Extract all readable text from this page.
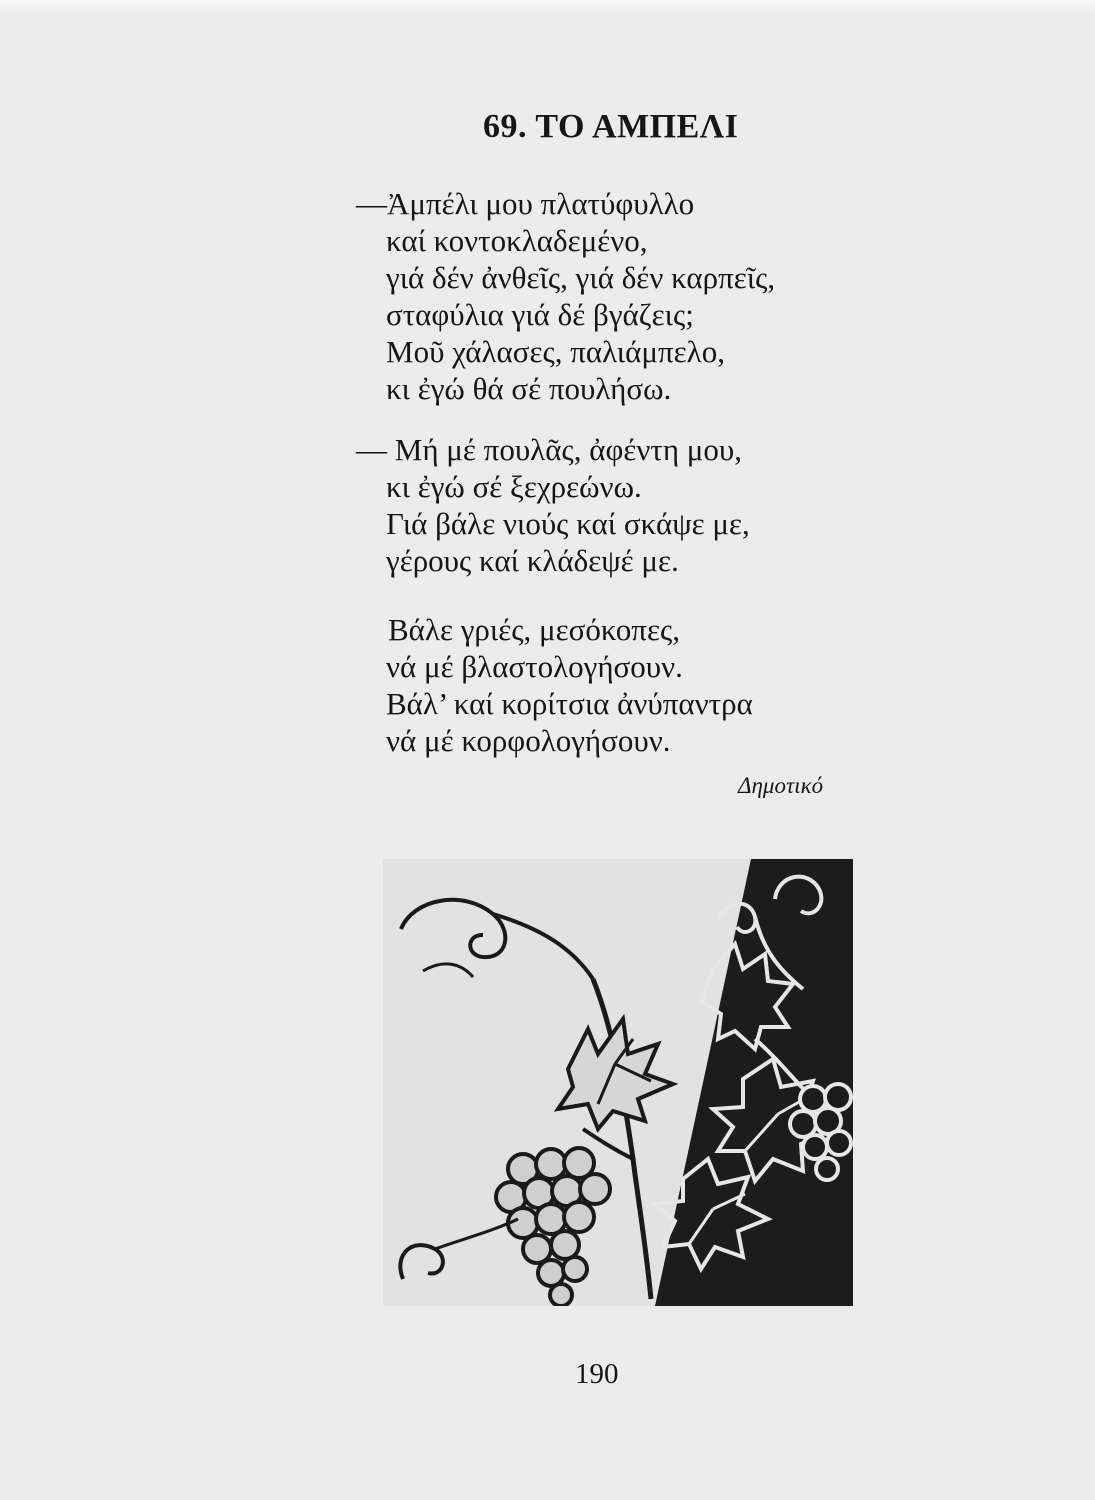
69. ΤΟ ΑΜΠΕΛΙ
—Ἀμπέλι μου πλατύφυλλο
καί κοντοκλαδεμένο,
γιά δέν ἀνθεῖς, γιά δέν καρπεῖς,
σταφύλια γιά δέ βγάζεις;
Μοῦ χάλασες, παλιάμπελο,
κι ἐγώ θά σέ πουλήσω.
— Μή μέ πουλᾶς, ἀφέντη μου,
κι ἐγώ σέ ξεχρεώνω.
Γιά βάλε νιούς καί σκάψε με,
γέρους καί κλάδεψέ με.
Βάλε γριές, μεσόκοπες,
νά μέ βλαστολογήσουν.
Βάλ’ καί κορίτσια ἀνύπαντρα
νά μέ κορφολογήσουν.
Δημοτικό
190
